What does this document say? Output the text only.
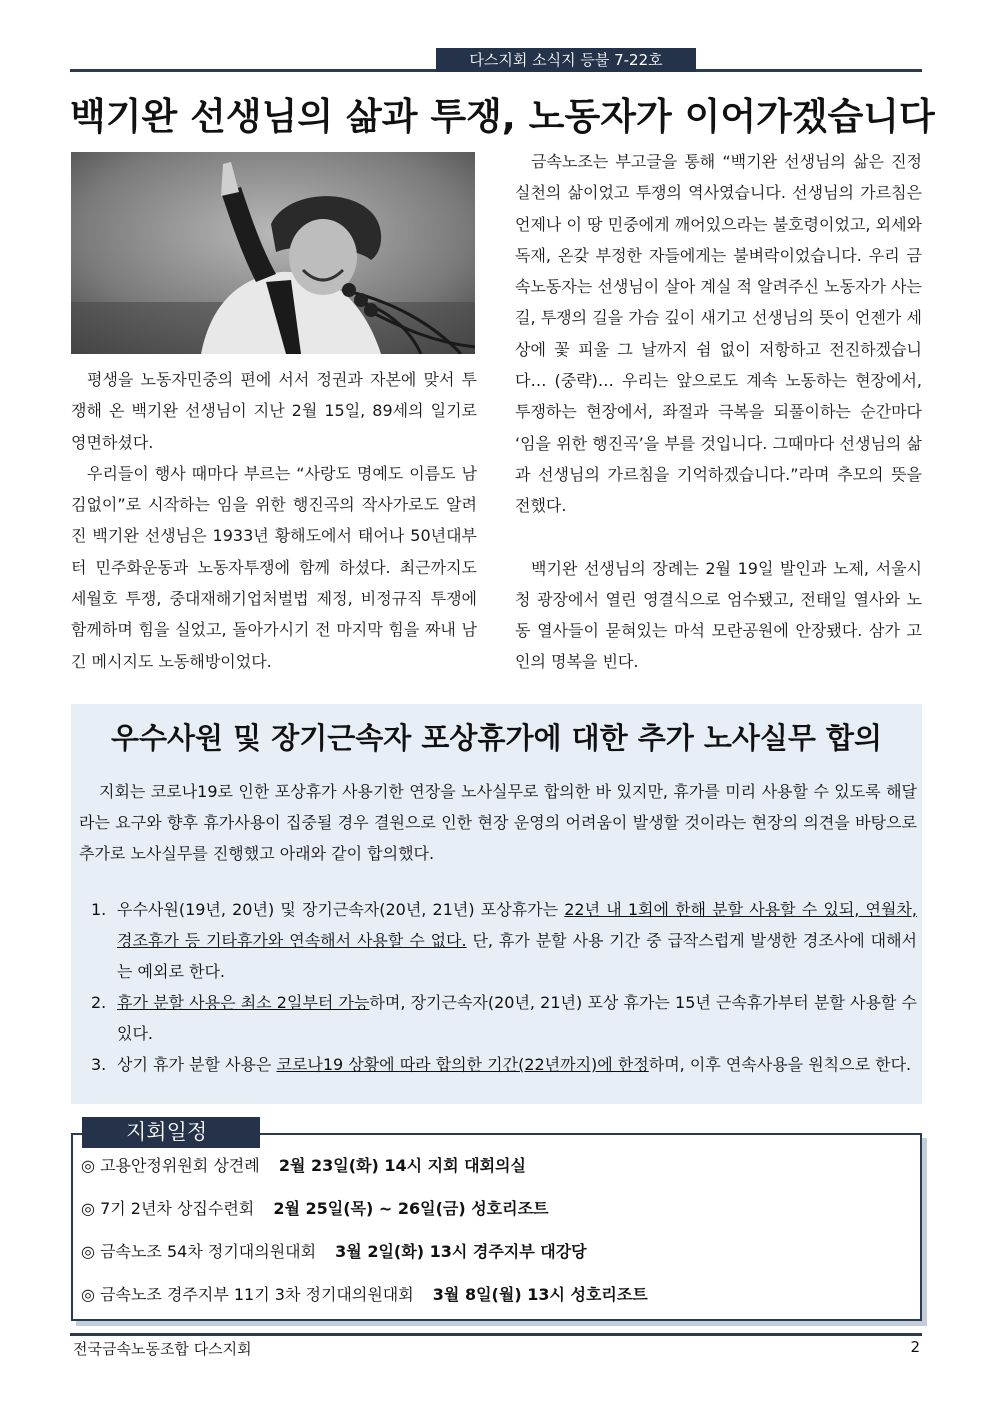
다스지회 소식지 등불 7-22호
백기완 선생님의 삶과 투쟁, 노동자가 이어가겠습니다

평생을 노동자민중의 편에 서서 정권과 자본에 맞서 투쟁해 온 백기완 선생님이 지난 2월 15일, 89세의 일기로 영면하셨다.

우리들이 행사 때마다 부르는 “사랑도 명예도 이름도 남김없이”로 시작하는 임을 위한 행진곡의 작사가로도 알려진 백기완 선생님은 1933년 황해도에서 태어나 50년대부터 민주화운동과 노동자투쟁에 함께 하셨다. 최근까지도 세월호 투쟁, 중대재해기업처벌법 제정, 비정규직 투쟁에 함께하며 힘을 실었고, 돌아가시기 전 마지막 힘을 짜내 남긴 메시지도 노동해방이었다.

금속노조는 부고글을 통해 “백기완 선생님의 삶은 진정 실천의 삶이었고 투쟁의 역사였습니다. 선생님의 가르침은 언제나 이 땅 민중에게 깨어있으라는 불호령이었고, 외세와 독재, 온갖 부정한 자들에게는 불벼락이었습니다. 우리 금속노동자는 선생님이 살아 계실 적 알려주신 노동자가 사는 길, 투쟁의 길을 가슴 깊이 새기고 선생님의 뜻이 언젠가 세상에 꽃 피울 그 날까지 쉼 없이 저항하고 전진하겠습니다… (중략)… 우리는 앞으로도 계속 노동하는 현장에서, 투쟁하는 현장에서, 좌절과 극복을 되풀이하는 순간마다 ‘임을 위한 행진곡’을 부를 것입니다. 그때마다 선생님의 삶과 선생님의 가르침을 기억하겠습니다.”라며 추모의 뜻을 전했다.

백기완 선생님의 장례는 2월 19일 발인과 노제, 서울시청 광장에서 열린 영결식으로 엄수됐고, 전태일 열사와 노동 열사들이 묻혀있는 마석 모란공원에 안장됐다. 삼가 고인의 명복을 빈다.

우수사원 및 장기근속자 포상휴가에 대한 추가 노사실무 합의

지회는 코로나19로 인한 포상휴가 사용기한 연장을 노사실무로 합의한 바 있지만, 휴가를 미리 사용할 수 있도록 해달라는 요구와 향후 휴가사용이 집중될 경우 결원으로 인한 현장 운영의 어려움이 발생할 것이라는 현장의 의견을 바탕으로 추가로 노사실무를 진행했고 아래와 같이 합의했다.

1. 우수사원(19년, 20년) 및 장기근속자(20년, 21년) 포상휴가는 22년 내 1회에 한해 분할 사용할 수 있되, 연월차, 경조휴가 등 기타휴가와 연속해서 사용할 수 없다. 단, 휴가 분할 사용 기간 중 급작스럽게 발생한 경조사에 대해서는 예외로 한다.
2. 휴가 분할 사용은 최소 2일부터 가능하며, 장기근속자(20년, 21년) 포상 휴가는 15년 근속휴가부터 분할 사용할 수 있다.
3. 상기 휴가 분할 사용은 코로나19 상황에 따라 합의한 기간(22년까지)에 한정하며, 이후 연속사용을 원칙으로 한다.
◎ 고용안정위원회 상견례 2월 23일(화) 14시 지회 대회의실
◎ 7기 2년차 상집수련회 2월 25일(목) ~ 26일(금) 성호리조트
◎ 금속노조 54차 정기대의원대회 3월 2일(화) 13시 경주지부 대강당
◎ 금속노조 경주지부 11기 3차 정기대의원대회 3월 8일(월) 13시 성호리조트
지회일정
전국금속노동조합 다스지회	2
